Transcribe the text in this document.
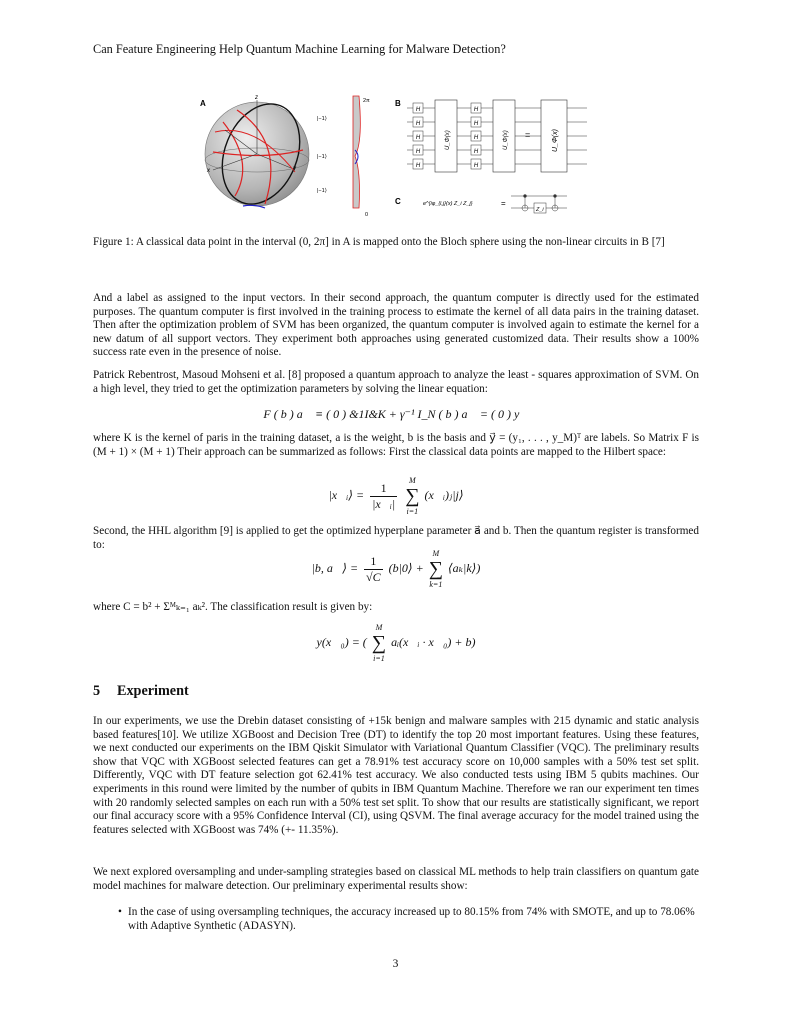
Can Feature Engineering Help Quantum Machine Learning for Malware Detection?
A
z
x	y
|−1⟩
|−1⟩
|−1⟩
2π
0
B
H
H
H
H
H
H
H
H
H
H
U_Φ(x)	U_Φ(x) =	U_Φ(x)
C	e^{iφ_{i,j}(x) Z_i Z_j}	=
Z_i
Figure 1: A classical data point in the interval (0, 2π] in A is mapped onto the Bloch sphere using the non-linear circuits in B [7]

And a label as assigned to the input vectors. In their second approach, the quantum computer is directly used for the estimated purposes. The quantum computer is first involved in the training process to estimate the kernel of all data pairs in the training dataset. Then after the optimization problem of SVM has been organized, the quantum computer is involved again to estimate the kernel for a new datum of all support vectors. They experiment both approaches using generated customized data. Their results show a 100% success rate even in the presence of noise.

Patrick Rebentrost, Masoud Mohseni et al. [8] proposed a quantum approach to analyze the least - squares approximation of SVM. On a high level, they tried to get the optimization parameters by solving the linear equation:

F ( b ) a⃗ ≡ ( 0 ) &1I&K + γ⁻¹ I_N ( b ) a⃗ = ( 0 ) y⃗

where K is the kernel of paris in the training dataset, a is the weight, b is the basis and y⃗ = (y₁, . . . , y_M)ᵀ are labels. So Matrix F is (M + 1) × (M + 1) Their approach can be summarized as follows: First the classical data points are mapped to the Hilbert space:

|x⃗ᵢ⟩ = $\frac{1}{\text{|x⃗ᵢ|}}$
	M
∑
i=1
(x⃗ᵢ)ⱼ|j⟩

Second, the HHL algorithm [9] is applied to get the optimized hyperplane parameter a⃗ and b. Then the quantum register is transformed to:

|b, a⃗⟩ = $\frac{1}{√C}$ (b|0⟩ +
M
∑
k=1
⟨aₖ|k⟩)

where C = b² + Σᴹₖ₌₁ aₖ². The classification result is given by:

y(x⃗₀) = (
M
∑
i=1
aᵢ(x⃗ᵢ · x⃗₀) + b)
5 Experiment

In our experiments, we use the Drebin dataset consisting of +15k benign and malware samples with 215 dynamic and static analysis based features[10]. We utilize XGBoost and Decision Tree (DT) to identify the top 20 most important features. Using these features, we next conducted our experiments on the IBM Qiskit Simulator with Variational Quantum Classifier (VQC). The preliminary results show that VQC with XGBoost selected features can get a 78.91% test accuracy score on 10,000 samples with a 50% test set split. Differently, VQC with DT feature selection got 62.41% test accuracy. We also conducted tests using IBM 5 qubits machines. Our experiments in this round were limited by the number of qubits in IBM Quantum Machine. Therefore we ran our experiment ten times with 20 randomly selected samples on each run with a 50% test set split. To show that our results are statistically significant, we report our final accuracy score with a 95% Confidence Interval (CI), using QSVM. The final average accuracy for the model trained using the features selected with XGBoost was 74% (+- 11.35%).

We next explored oversampling and under-sampling strategies based on classical ML methods to help train classifiers on quantum gate model machines for malware detection. Our preliminary experimental results show:

• In the case of using oversampling techniques, the accuracy increased up to 80.15% from 74% with SMOTE, and up to 78.06% with Adaptive Synthetic (ADASYN).
3
